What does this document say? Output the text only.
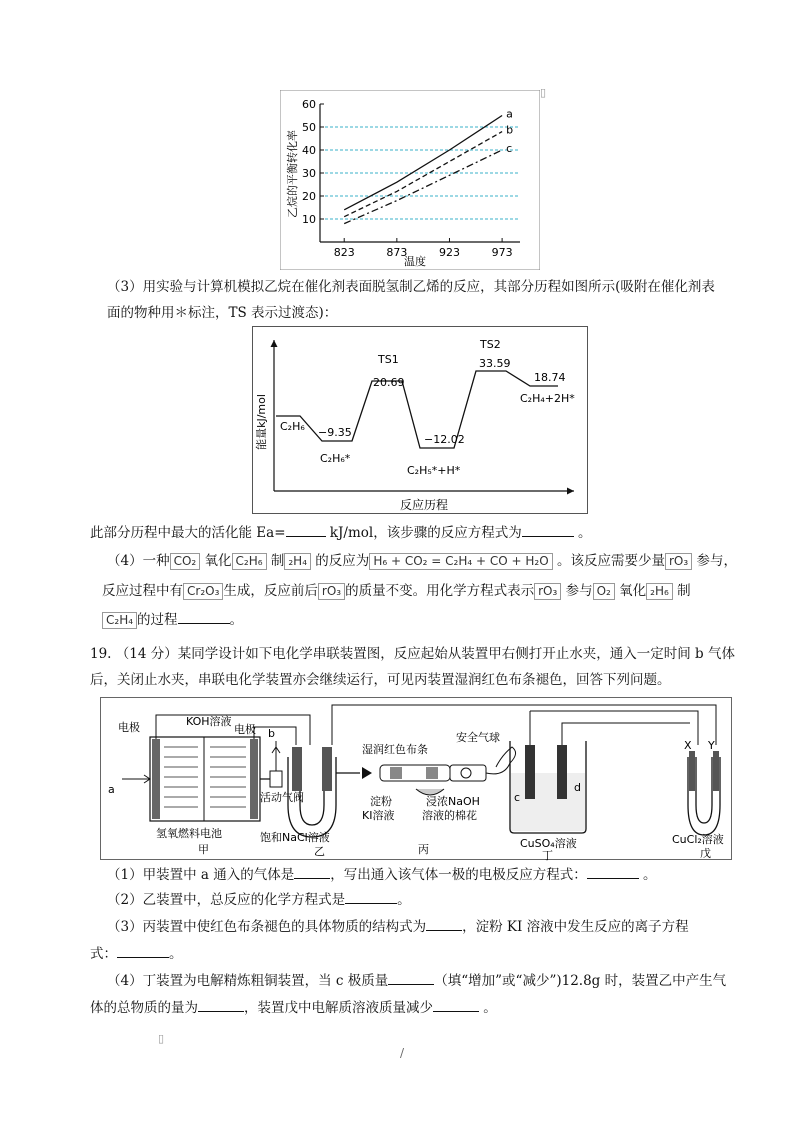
10
20
30
40
50
60
823	873	923	973
a
b
c
乙烷的平衡转化率
温度
▯
（3）用实验与计算机模拟乙烷在催化剂表面脱氢制乙烯的反应，其部分历程如图所示(吸附在催化剂表
面的物种用＊标注，TS 表示过渡态)：
能量kJ/mol
反应历程
C₂H₆ −9.35
C₂H₆*
TS1
20.69
−12.02
C₂H₅*+H*
TS2
33.59
18.74
C₂H₄+2H*
此部分历程中最大的活化能 Ea=	kJ/mol，该步骤的反应方程式为	。
（4）一种 CO₂ 氧化 C₂H₆ 制 ₂H₄ 的反应为 H₆ + CO₂ = C₂H₄ + CO + H₂O 。该反应需要少量 rO₃ 参与，
反应过程中有 Cr₂O₃ 生成，反应前后 rO₃ 的质量不变。用化学方程式表示 rO₃ 参与 O₂ 氧化 ₂H₆ 制
C₂H₄ 的过程	。
19. （14 分）某同学设计如下电化学串联装置图，反应起始从装置甲右侧打开止水夹，通入一定时间 b 气体
后，关闭止水夹，串联电化学装置亦会继续运行，可见丙装置湿润红色布条褪色，回答下列问题。
电极	KOH溶液
电极 b
a
氢氧燃料电池
甲
活动气阀
饱和NaCl溶液
乙
湿润红色布条
安全气球
淀粉
KI溶液
浸浓NaOH
溶液的棉花
丙
c
d
CuSO₄溶液
丁
X Y
CuCl₂溶液
戊
（1）甲装置中 a 通入的气体是	，写出通入该气体一极的电极反应方程式：	。
（2）乙装置中，总反应的化学方程式是	。
（3）丙装置中使红色布条褪色的具体物质的结构式为	，淀粉 KI 溶液中发生反应的离子方程
式：	。
（4）丁装置为电解精炼粗铜装置，当 c 极质量	（填“增加”或“减少”)12.8g 时，装置乙中产生气
体的总物质的量为	，装置戊中电解质溶液质量减少	。
▯
/
